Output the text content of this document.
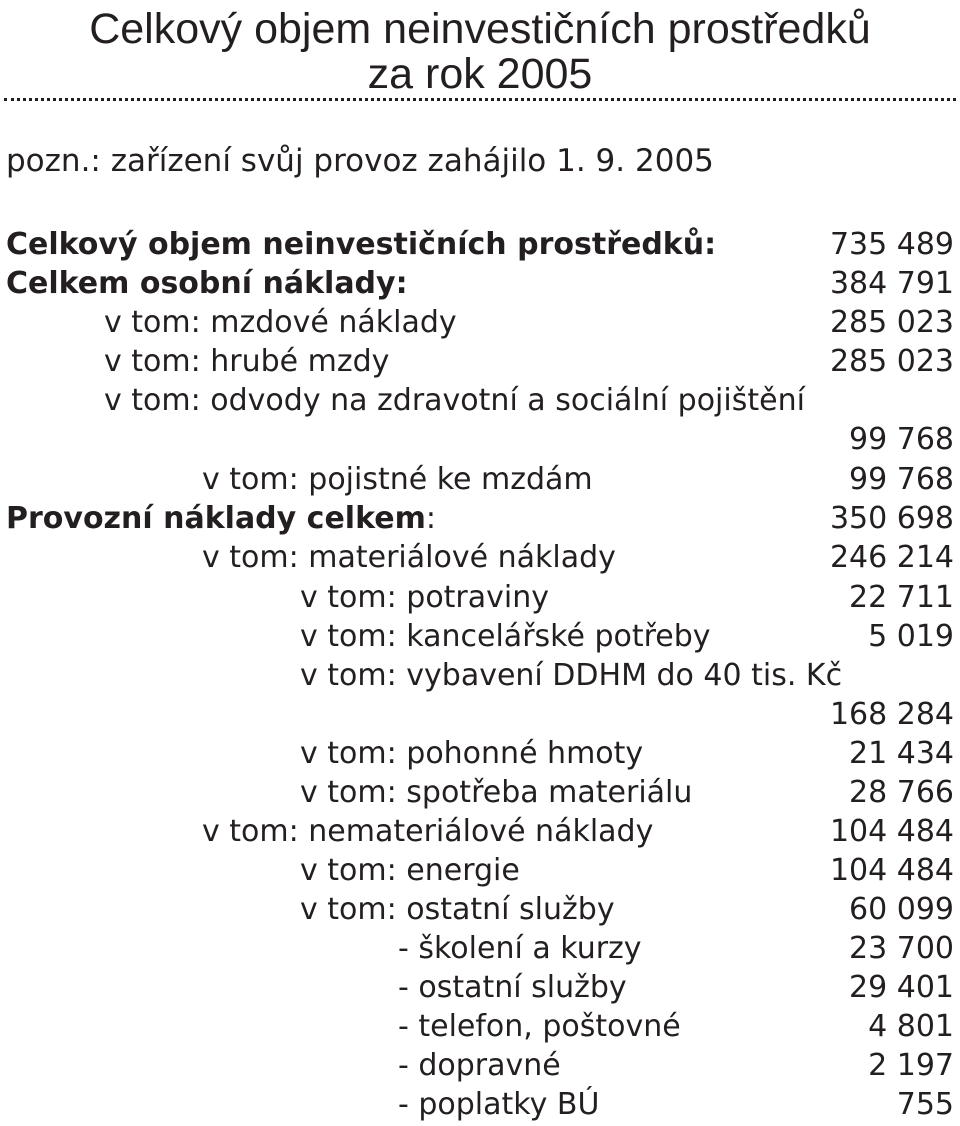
Celkový objem neinvestičních prostředků
za rok 2005
pozn.: zařízení svůj provoz zahájilo 1. 9. 2005
Celkový objem neinvestičních prostředků:	735 489
Celkem osobní náklady:	384 791
v tom: mzdové náklady	285 023
v tom: hrubé mzdy	285 023
v tom: odvody na zdravotní a sociální pojištění
99 768
v tom: pojistné ke mzdám	99 768
Provozní náklady celkem:	350 698
v tom: materiálové náklady	246 214
v tom: potraviny	22 711
v tom: kancelářské potřeby	5 019
v tom: vybavení DDHM do 40 tis. Kč
168 284
v tom: pohonné hmoty	21 434
v tom: spotřeba materiálu	28 766
v tom: nemateriálové náklady	104 484
v tom: energie	104 484
v tom: ostatní služby	60 099
- školení a kurzy	23 700
- ostatní služby	29 401
- telefon, poštovné	4 801
- dopravné	2 197
- poplatky BÚ	755
